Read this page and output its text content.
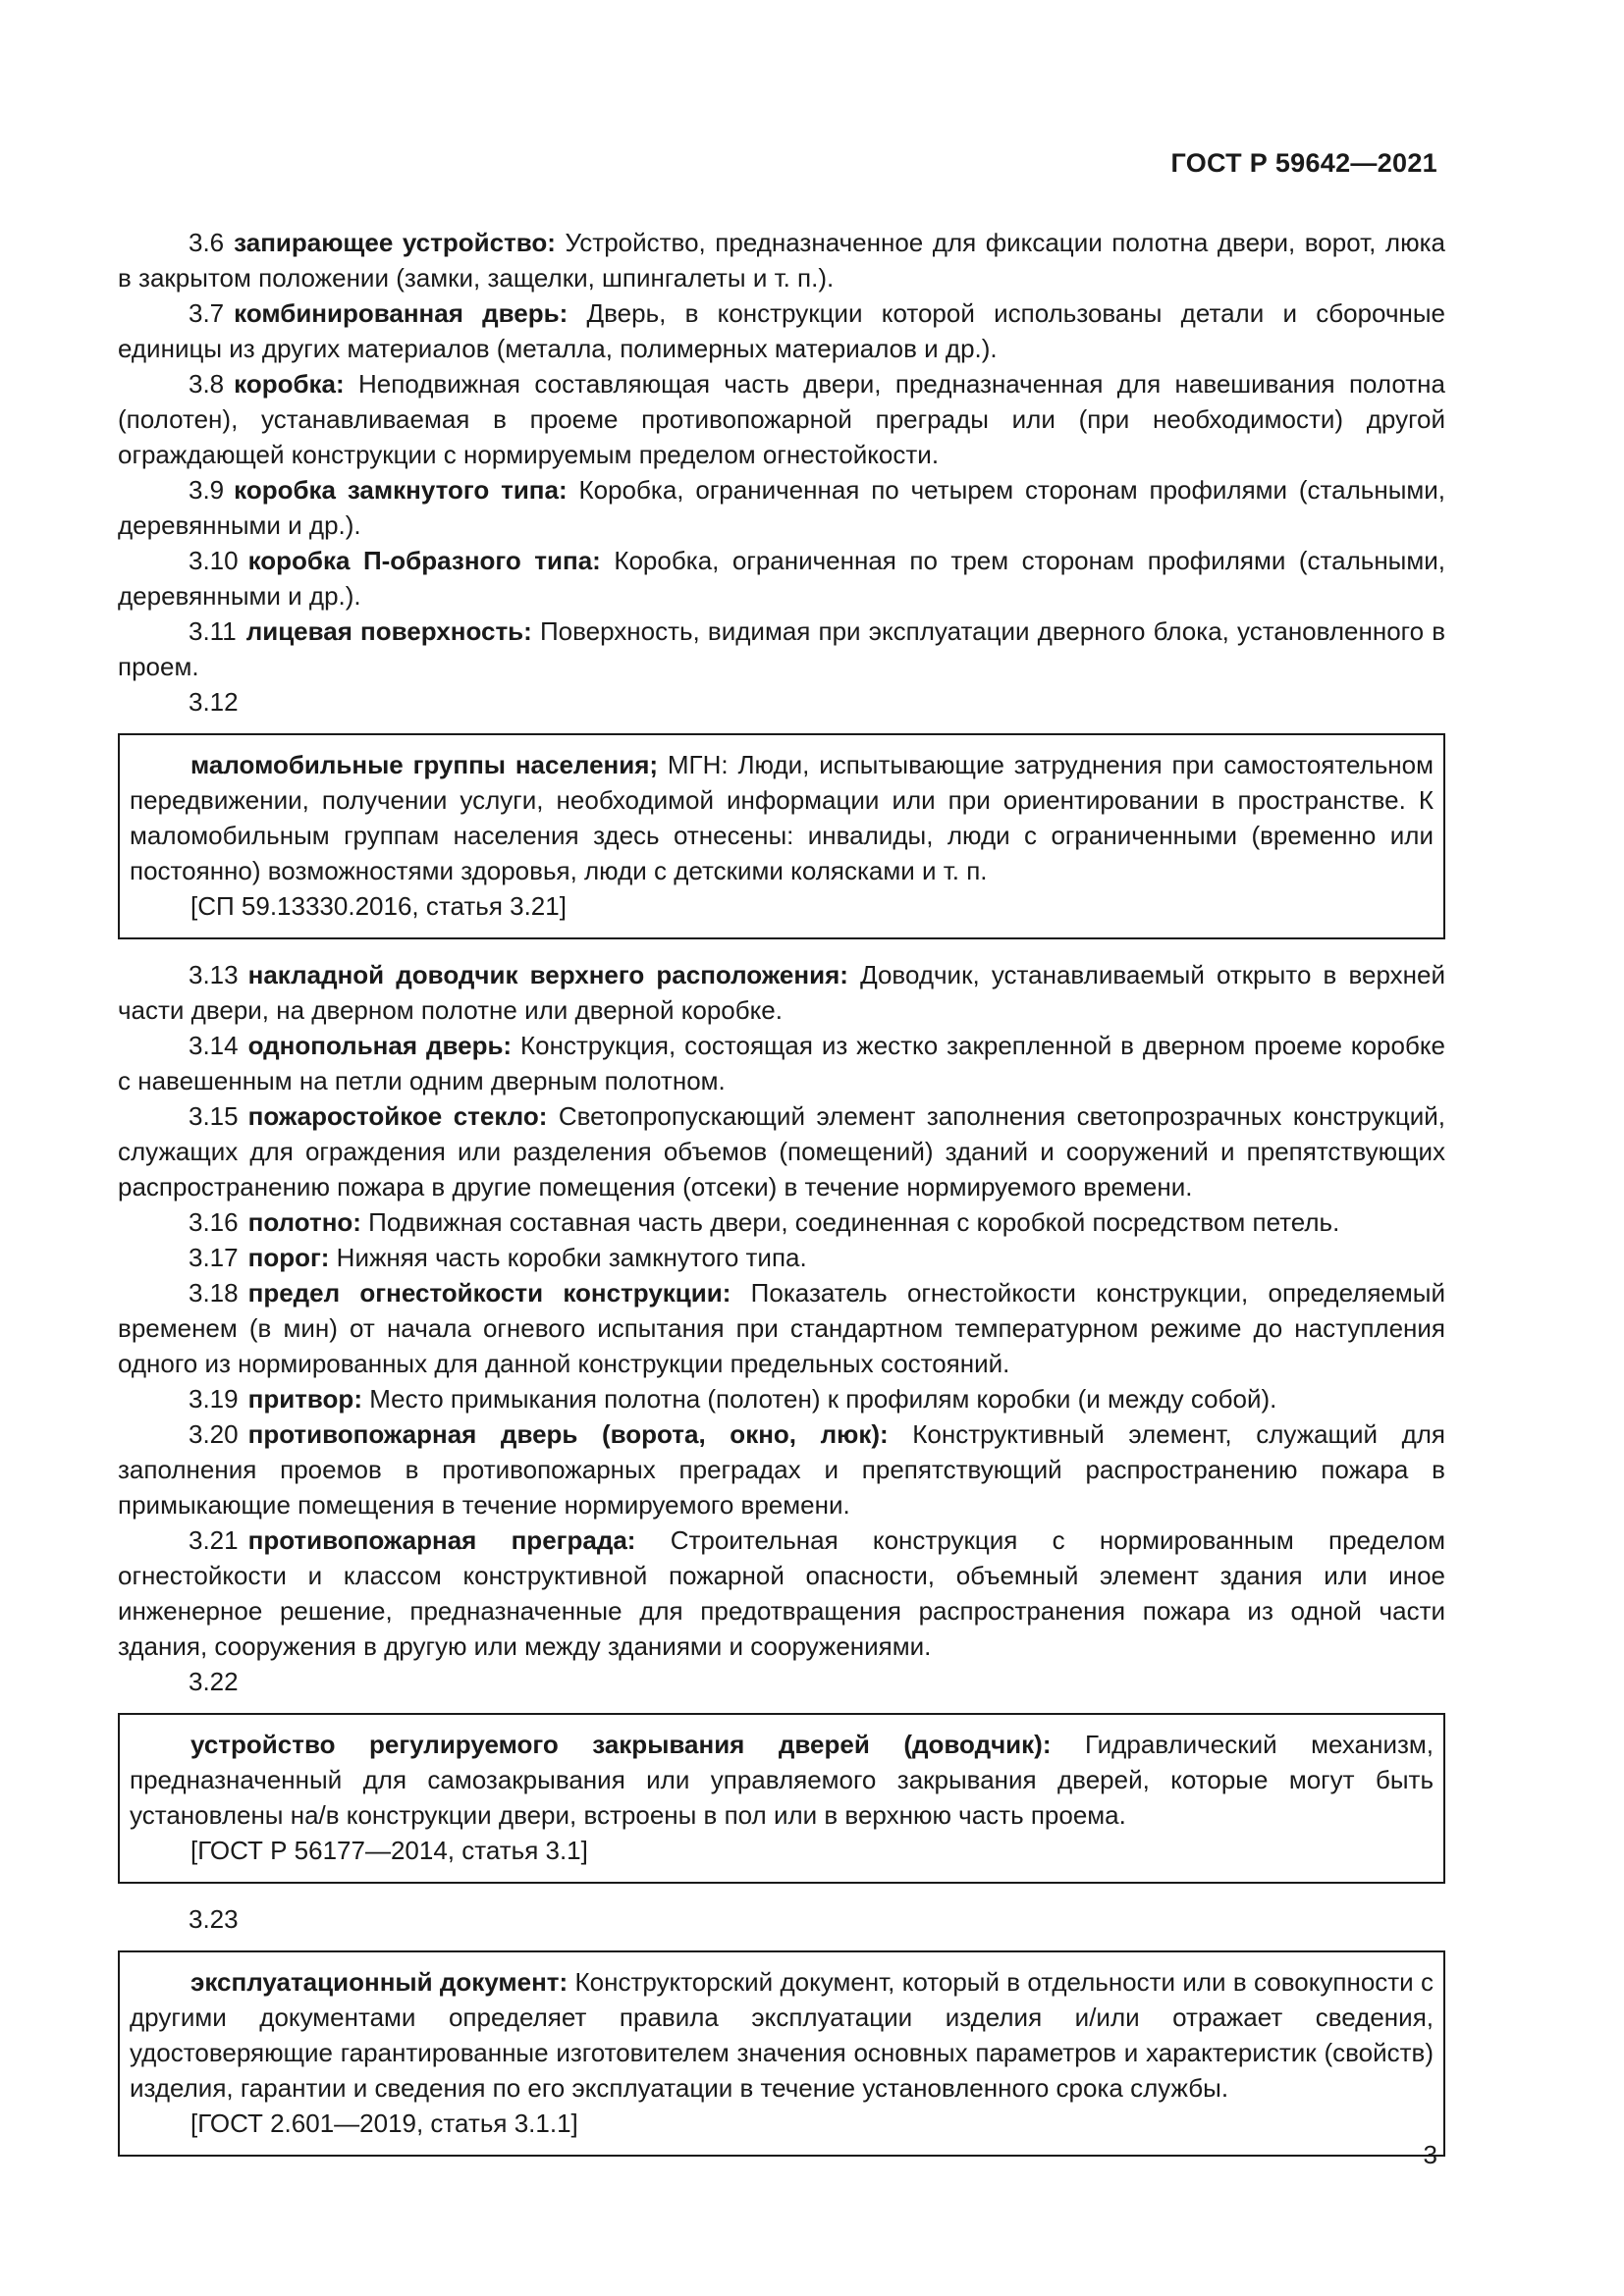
ГОСТ Р 59642—2021

3.6 запирающее устройство: Устройство, предназначенное для фиксации полотна двери, ворот, люка в закрытом положении (замки, защелки, шпингалеты и т. п.).

3.7 комбинированная дверь: Дверь, в конструкции которой использованы детали и сборочные единицы из других материалов (металла, полимерных материалов и др.).

3.8 коробка: Неподвижная составляющая часть двери, предназначенная для навешивания полотна (полотен), устанавливаемая в проеме противопожарной преграды или (при необходимости) другой ограждающей конструкции с нормируемым пределом огнестойкости.

3.9 коробка замкнутого типа: Коробка, ограниченная по четырем сторонам профилями (стальными, деревянными и др.).

3.10 коробка П-образного типа: Коробка, ограниченная по трем сторонам профилями (стальными, деревянными и др.).

3.11 лицевая поверхность: Поверхность, видимая при эксплуатации дверного блока, установленного в проем.

3.12

маломобильные группы населения; МГН: Люди, испытывающие затруднения при самостоятельном передвижении, получении услуги, необходимой информации или при ориентировании в пространстве. К маломобильным группам населения здесь отнесены: инвалиды, люди с ограниченными (временно или постоянно) возможностями здоровья, люди с детскими колясками и т. п.

[СП 59.13330.2016, статья 3.21]

3.13 накладной доводчик верхнего расположения: Доводчик, устанавливаемый открыто в верхней части двери, на дверном полотне или дверной коробке.

3.14 однопольная дверь: Конструкция, состоящая из жестко закрепленной в дверном проеме коробке с навешенным на петли одним дверным полотном.

3.15 пожаростойкое стекло: Светопропускающий элемент заполнения светопрозрачных конструкций, служащих для ограждения или разделения объемов (помещений) зданий и сооружений и препятствующих распространению пожара в другие помещения (отсеки) в течение нормируемого времени.

3.16 полотно: Подвижная составная часть двери, соединенная с коробкой посредством петель.

3.17 порог: Нижняя часть коробки замкнутого типа.

3.18 предел огнестойкости конструкции: Показатель огнестойкости конструкции, определяемый временем (в мин) от начала огневого испытания при стандартном температурном режиме до наступления одного из нормированных для данной конструкции предельных состояний.

3.19 притвор: Место примыкания полотна (полотен) к профилям коробки (и между собой).

3.20 противопожарная дверь (ворота, окно, люк): Конструктивный элемент, служащий для заполнения проемов в противопожарных преградах и препятствующий распространению пожара в примыкающие помещения в течение нормируемого времени.

3.21 противопожарная преграда: Строительная конструкция с нормированным пределом огнестойкости и классом конструктивной пожарной опасности, объемный элемент здания или иное инженерное решение, предназначенные для предотвращения распространения пожара из одной части здания, сооружения в другую или между зданиями и сооружениями.

3.22

устройство регулируемого закрывания дверей (доводчик): Гидравлический механизм, предназначенный для самозакрывания или управляемого закрывания дверей, которые могут быть установлены на/в конструкции двери, встроены в пол или в верхнюю часть проема.

[ГОСТ Р 56177—2014, статья 3.1]

3.23

эксплуатационный документ: Конструкторский документ, который в отдельности или в совокупности с другими документами определяет правила эксплуатации изделия и/или отражает сведения, удостоверяющие гарантированные изготовителем значения основных параметров и характеристик (свойств) изделия, гарантии и сведения по его эксплуатации в течение установленного срока службы.

[ГОСТ 2.601—2019, статья 3.1.1]

3
